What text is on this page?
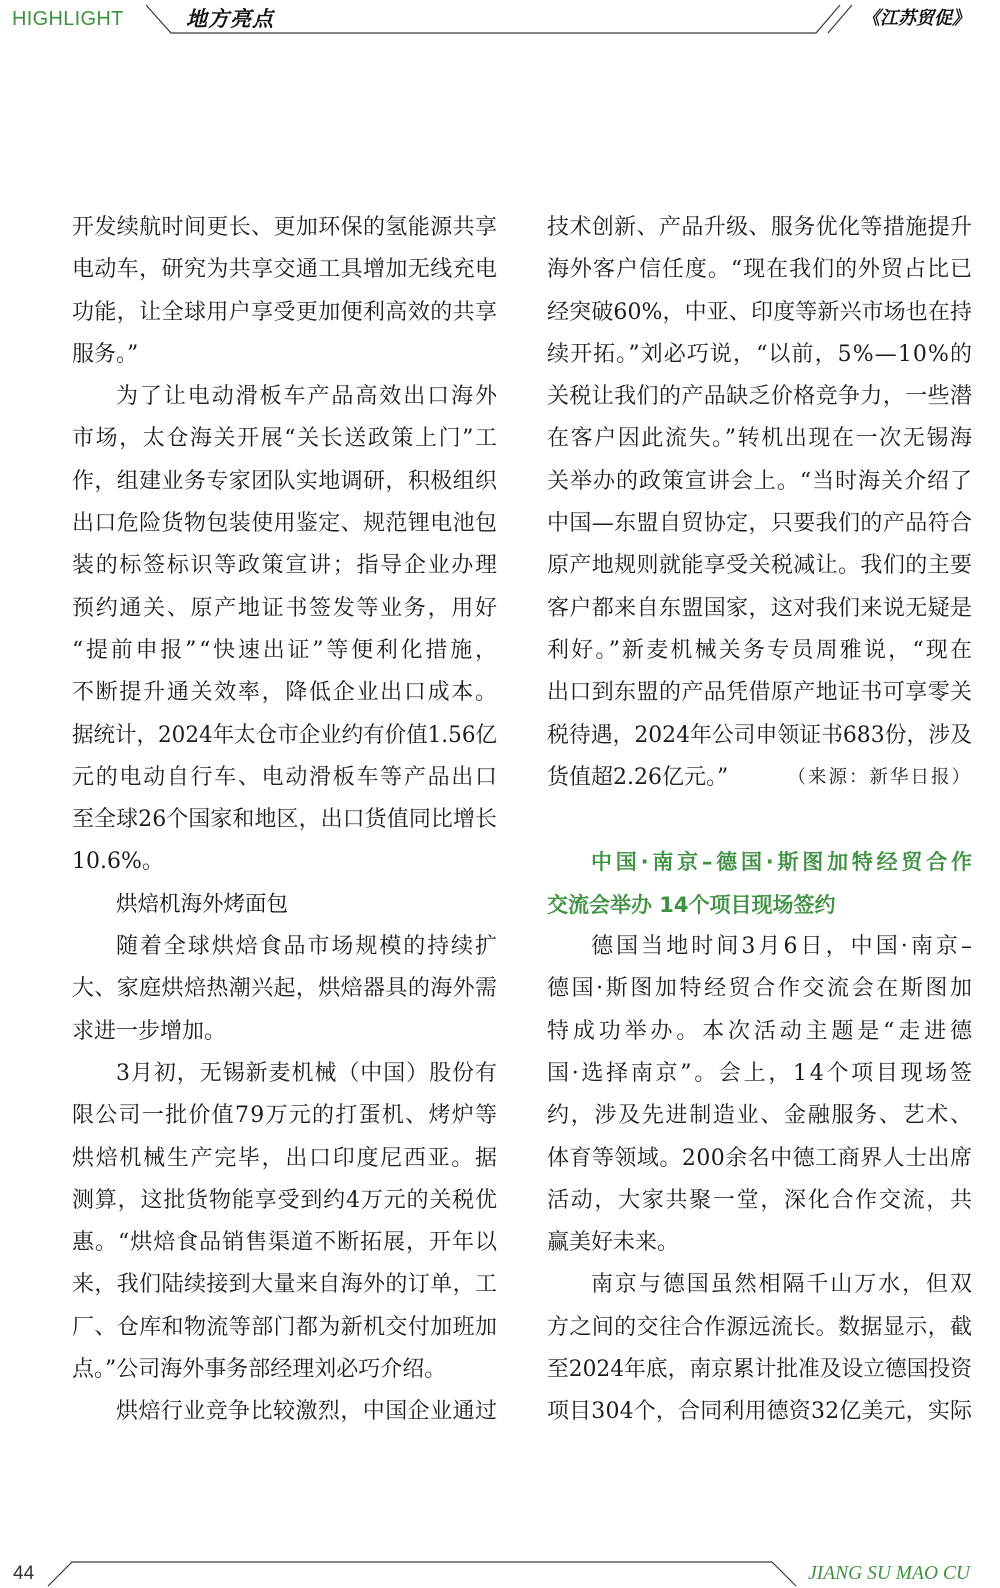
HIGHLIGHT	地方亮点	《江苏贸促》
开发续航时间更长、更加环保的氢能源共享
电动车，研究为共享交通工具增加无线充电
功能，让全球用户享受更加便利高效的共享
服务。”
为了让电动滑板车产品高效出口海外
市场，太仓海关开展“关长送政策上门”工
作，组建业务专家团队实地调研，积极组织
出口危险货物包装使用鉴定、规范锂电池包
装的标签标识等政策宣讲；指导企业办理
预约通关、原产地证书签发等业务，用好
“提前申报”“快速出证”等便利化措施，
不断提升通关效率，降低企业出口成本。
据统计，2024年太仓市企业约有价值1.56亿
元的电动自行车、电动滑板车等产品出口
至全球26个国家和地区，出口货值同比增长
10.6%。
烘焙机海外烤面包
随着全球烘焙食品市场规模的持续扩
大、家庭烘焙热潮兴起，烘焙器具的海外需
求进一步增加。
3月初，无锡新麦机械（中国）股份有
限公司一批价值79万元的打蛋机、烤炉等
烘焙机械生产完毕，出口印度尼西亚。据
测算，这批货物能享受到约4万元的关税优
惠。“烘焙食品销售渠道不断拓展，开年以
来，我们陆续接到大量来自海外的订单，工
厂、仓库和物流等部门都为新机交付加班加
点。”公司海外事务部经理刘必巧介绍。
烘焙行业竞争比较激烈，中国企业通过
技术创新、产品升级、服务优化等措施提升
海外客户信任度。“现在我们的外贸占比已
经突破60%，中亚、印度等新兴市场也在持
续开拓。”刘必巧说，“以前，5%—10%的
关税让我们的产品缺乏价格竞争力，一些潜
在客户因此流失。”转机出现在一次无锡海
关举办的政策宣讲会上。“当时海关介绍了
中国—东盟自贸协定，只要我们的产品符合
原产地规则就能享受关税减让。我们的主要
客户都来自东盟国家，这对我们来说无疑是
利好。”新麦机械关务专员周雅说，“现在
出口到东盟的产品凭借原产地证书可享零关
税待遇，2024年公司申领证书683份，涉及
货值超2.26亿元。”	（来源：新华日报）
中国·南京–德国·斯图加特经贸合作
交流会举办 14个项目现场签约
德国当地时间3月6日，中国·南京–
德国·斯图加特经贸合作交流会在斯图加
特成功举办。本次活动主题是“走进德
国·选择南京”。会上，14个项目现场签
约，涉及先进制造业、金融服务、艺术、
体育等领域。200余名中德工商界人士出席
活动，大家共聚一堂，深化合作交流，共
赢美好未来。
南京与德国虽然相隔千山万水，但双
方之间的交往合作源远流长。数据显示，截
至2024年底，南京累计批准及设立德国投资
项目304个，合同利用德资32亿美元，实际
44	JIANG SU MAO CU
